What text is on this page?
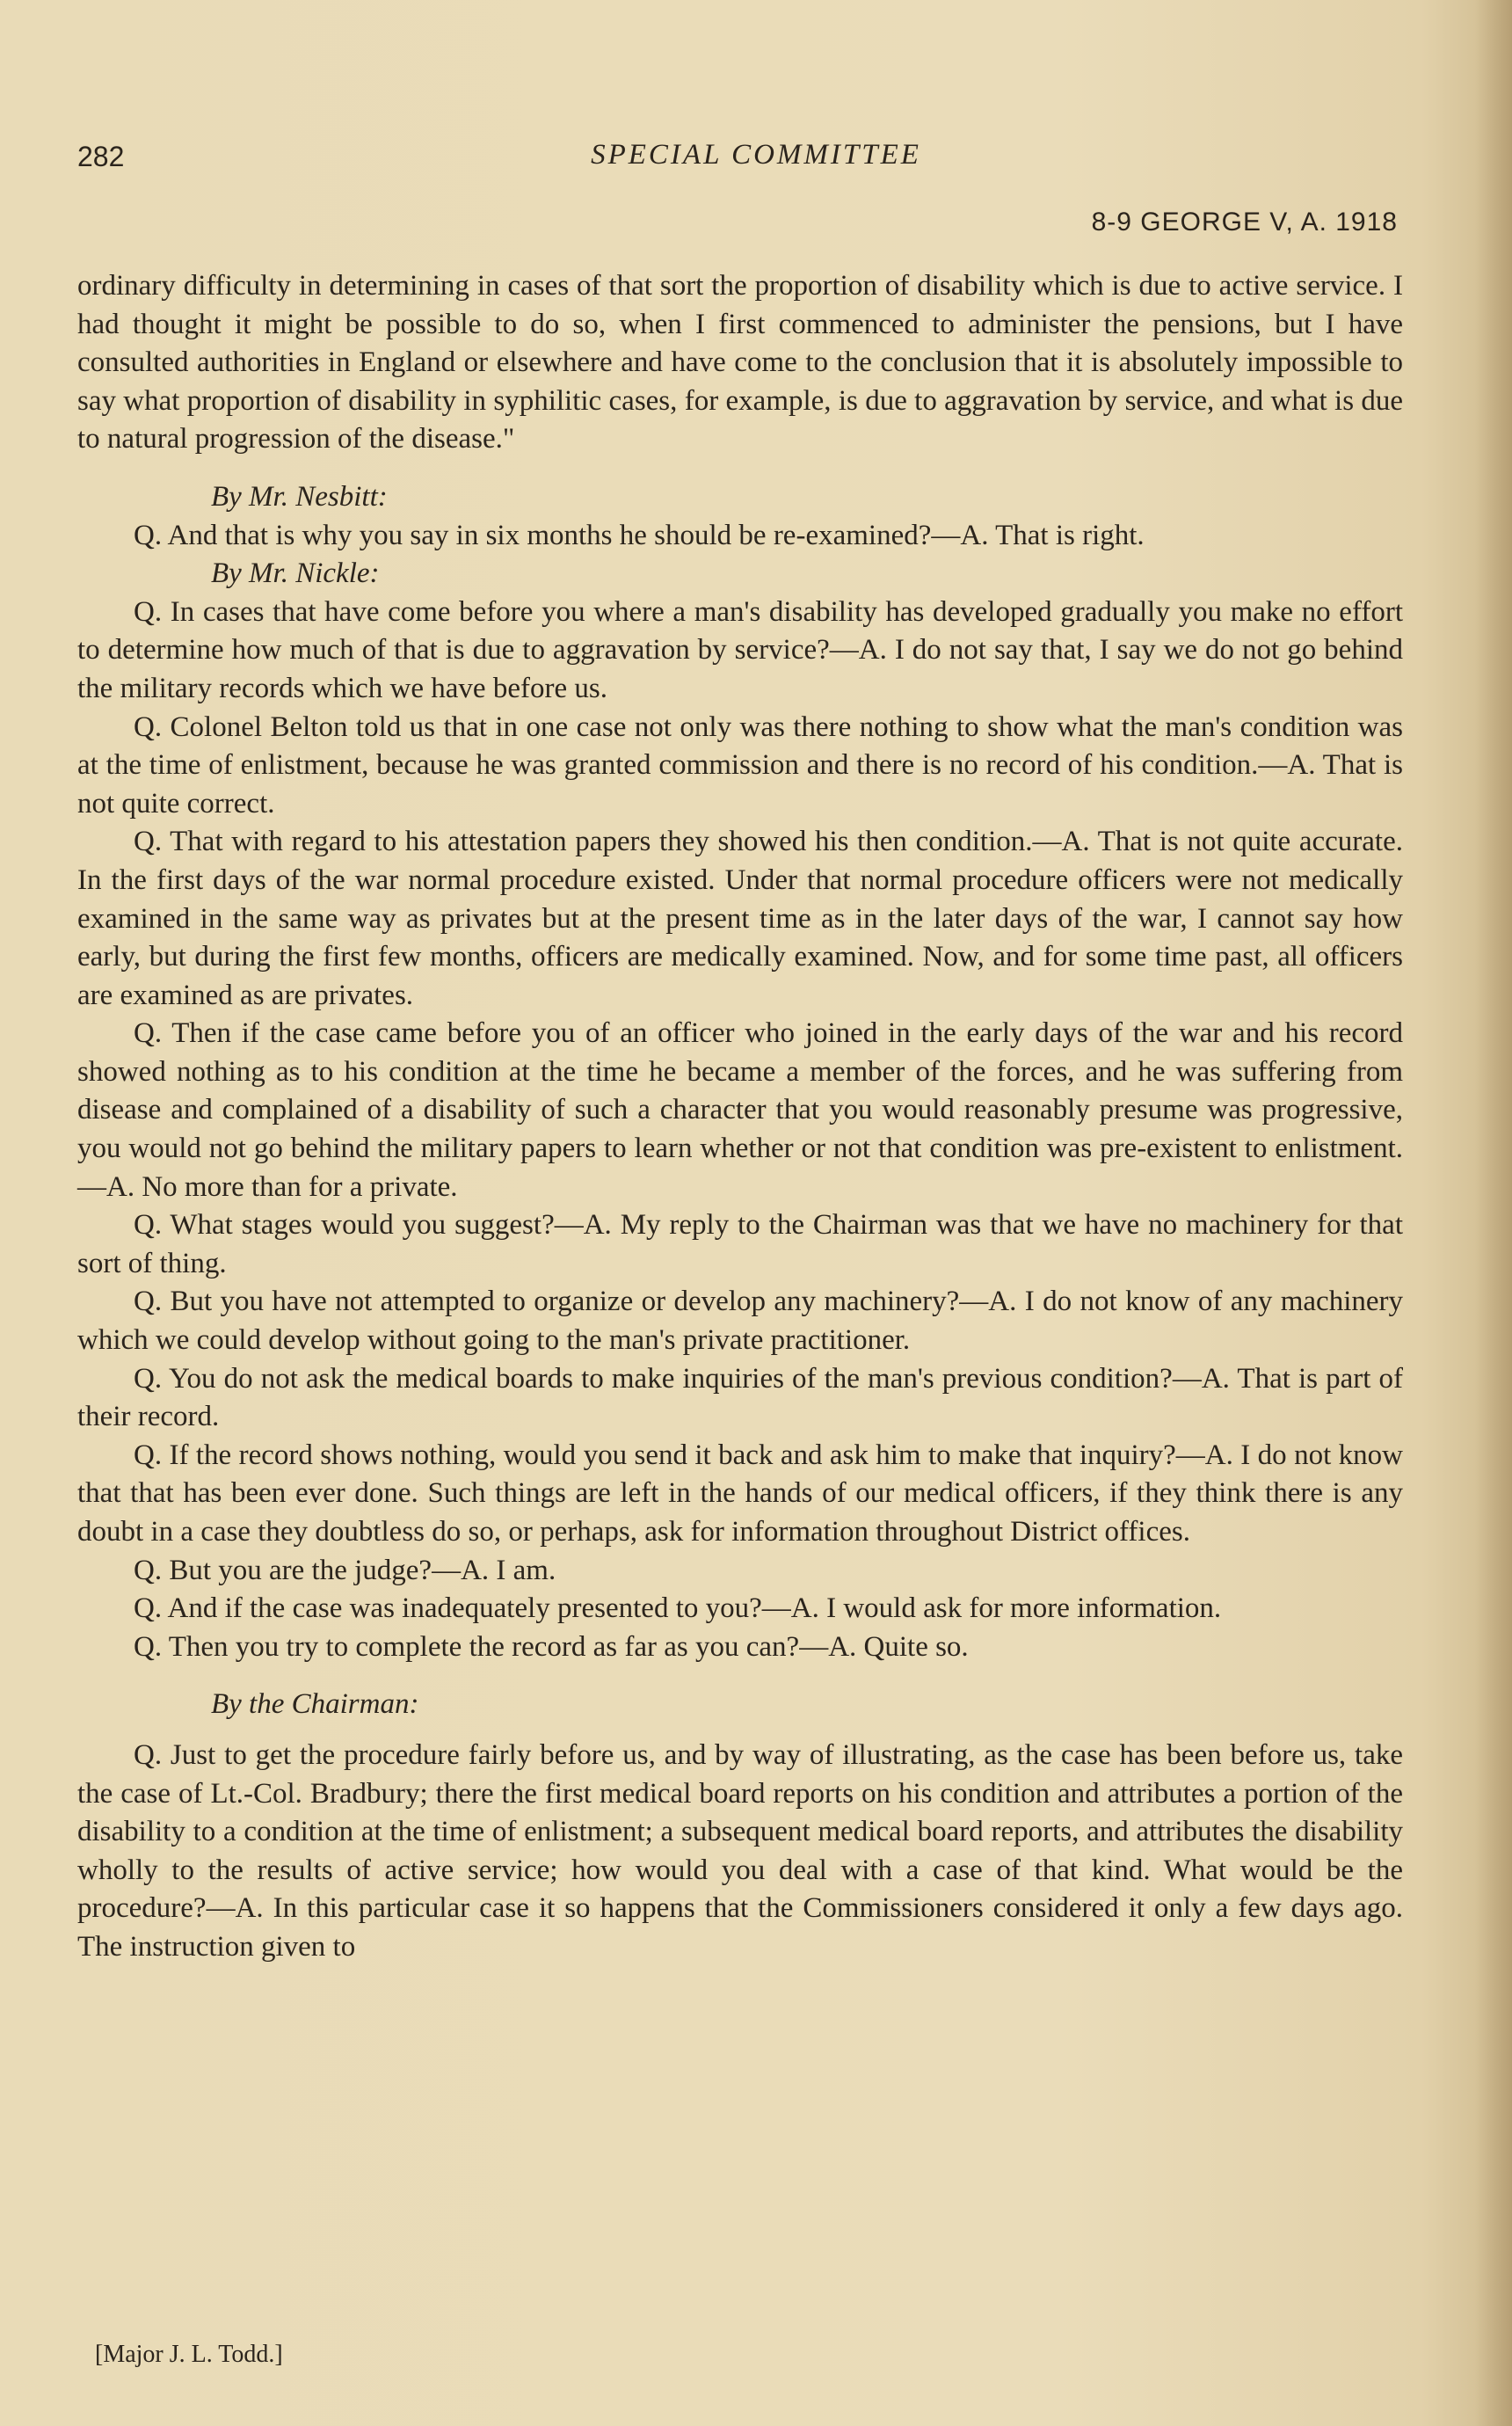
282	SPECIAL COMMITTEE
8-9 GEORGE V, A. 1918

ordinary difficulty in determining in cases of that sort the proportion of disability which is due to active service. I had thought it might be possible to do so, when I first commenced to administer the pensions, but I have consulted authorities in England or elsewhere and have come to the conclusion that it is absolutely impossible to say what proportion of disability in syphilitic cases, for example, is due to aggravation by service, and what is due to natural progression of the disease."

By Mr. Nesbitt:

Q. And that is why you say in six months he should be re-examined?—A. That is right.

By Mr. Nickle:

Q. In cases that have come before you where a man's disability has developed gradually you make no effort to determine how much of that is due to aggravation by service?—A. I do not say that, I say we do not go behind the military records which we have before us.

Q. Colonel Belton told us that in one case not only was there nothing to show what the man's condition was at the time of enlistment, because he was granted commission and there is no record of his condition.—A. That is not quite correct.

Q. That with regard to his attestation papers they showed his then condition.—A. That is not quite accurate. In the first days of the war normal procedure existed. Under that normal procedure officers were not medically examined in the same way as privates but at the present time as in the later days of the war, I cannot say how early, but during the first few months, officers are medically examined. Now, and for some time past, all officers are examined as are privates.

Q. Then if the case came before you of an officer who joined in the early days of the war and his record showed nothing as to his condition at the time he became a member of the forces, and he was suffering from disease and complained of a disability of such a character that you would reasonably presume was progressive, you would not go behind the military papers to learn whether or not that condition was pre-existent to enlistment.—A. No more than for a private.

Q. What stages would you suggest?—A. My reply to the Chairman was that we have no machinery for that sort of thing.

Q. But you have not attempted to organize or develop any machinery?—A. I do not know of any machinery which we could develop without going to the man's private practitioner.

Q. You do not ask the medical boards to make inquiries of the man's previous condition?—A. That is part of their record.

Q. If the record shows nothing, would you send it back and ask him to make that inquiry?—A. I do not know that that has been ever done. Such things are left in the hands of our medical officers, if they think there is any doubt in a case they doubtless do so, or perhaps, ask for information throughout District offices.

Q. But you are the judge?—A. I am.

Q. And if the case was inadequately presented to you?—A. I would ask for more information.

Q. Then you try to complete the record as far as you can?—A. Quite so.

By the Chairman:

Q. Just to get the procedure fairly before us, and by way of illustrating, as the case has been before us, take the case of Lt.-Col. Bradbury; there the first medical board reports on his condition and attributes a portion of the disability to a condition at the time of enlistment; a subsequent medical board reports, and attributes the disability wholly to the results of active service; how would you deal with a case of that kind. What would be the procedure?—A. In this particular case it so happens that the Commissioners considered it only a few days ago. The instruction given to

[Major J. L. Todd.]
